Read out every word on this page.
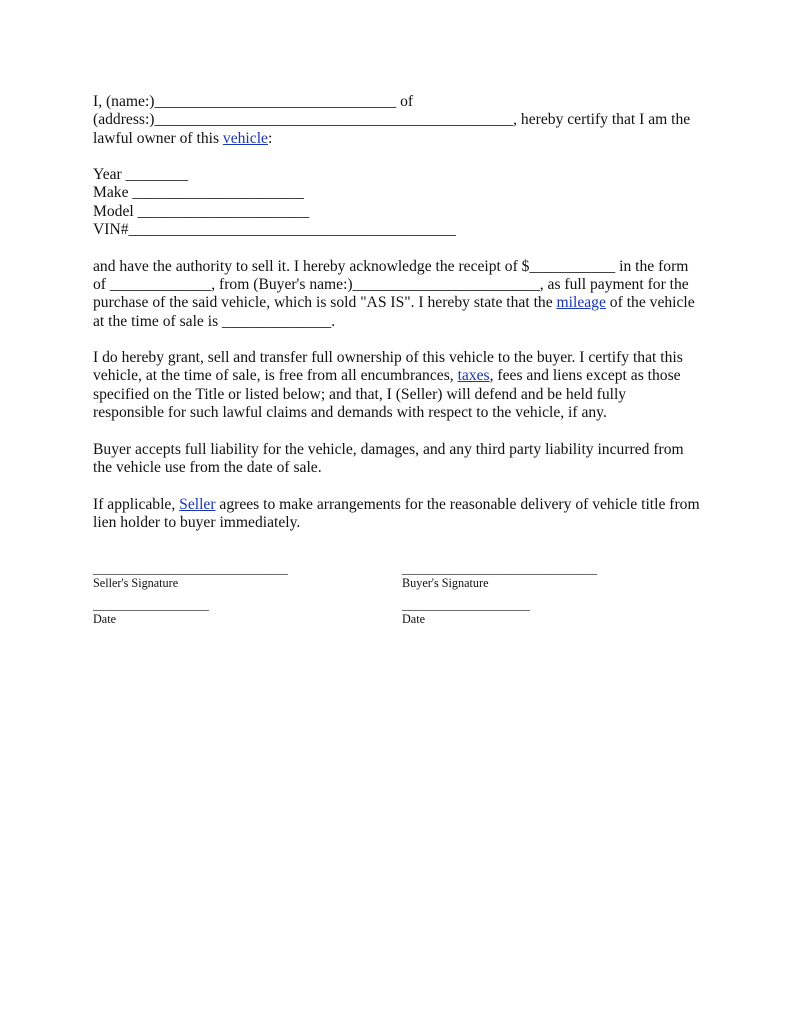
I, (name:)_______________________________ of
(address:)______________________________________________, hereby certify that I am the
lawful owner of this vehicle:
Year ________
Make ______________________
Model ______________________
VIN#__________________________________________
and have the authority to sell it. I hereby acknowledge the receipt of $___________ in the form
of _____________, from (Buyer's name:)________________________, as full payment for the
purchase of the said vehicle, which is sold "AS IS". I hereby state that the mileage of the vehicle
at the time of sale is ______________.
I do hereby grant, sell and transfer full ownership of this vehicle to the buyer. I certify that this
vehicle, at the time of sale, is free from all encumbrances, taxes, fees and liens except as those
specified on the Title or listed below; and that, I (Seller) will defend and be held fully
responsible for such lawful claims and demands with respect to the vehicle, if any.
Buyer accepts full liability for the vehicle, damages, and any third party liability incurred from
the vehicle use from the date of sale.
If applicable, Seller agrees to make arrangements for the reasonable delivery of vehicle title from
lien holder to buyer immediately.
________________________________
Seller's Signature
___________________
Date
________________________________
Buyer's Signature
_____________________
Date
